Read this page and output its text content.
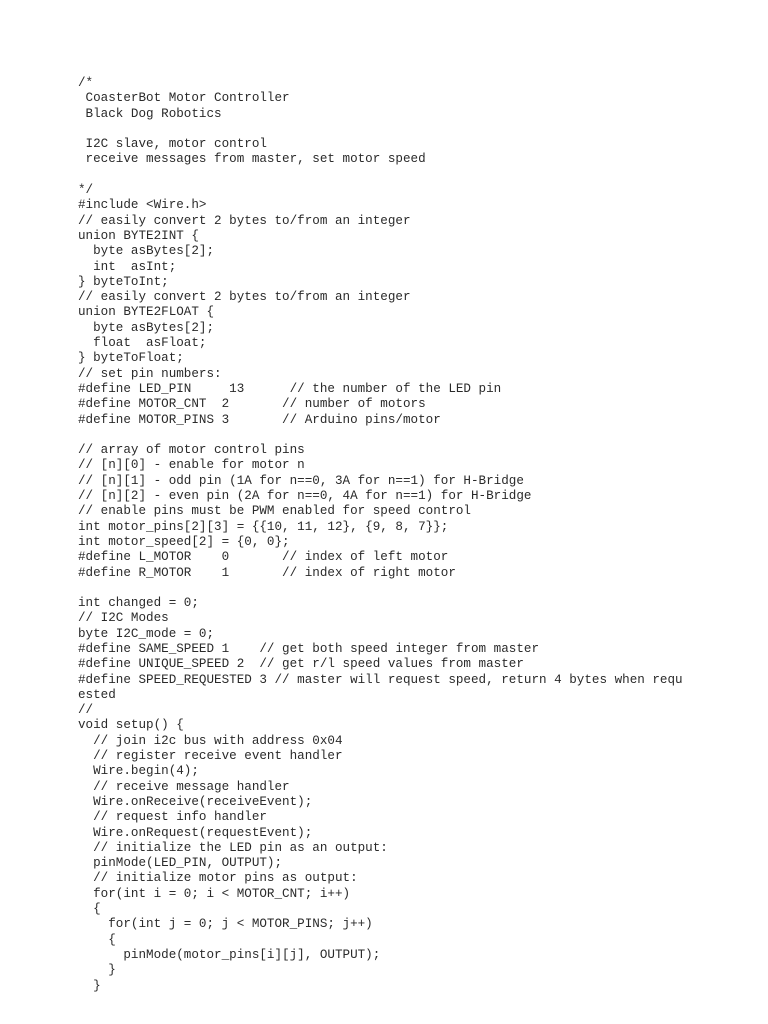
/*
CoasterBot Motor Controller
Black Dog Robotics
I2C slave, motor control
receive messages from master, set motor speed
*/
#include <Wire.h>
// easily convert 2 bytes to/from an integer
union BYTE2INT {
byte asBytes[2];
int  asInt;
} byteToInt;
// easily convert 2 bytes to/from an integer
union BYTE2FLOAT {
byte asBytes[2];
float  asFloat;
} byteToFloat;
// set pin numbers:
#define LED_PIN     13      // the number of the LED pin
#define MOTOR_CNT  2       // number of motors
#define MOTOR_PINS 3       // Arduino pins/motor
// array of motor control pins
// [n][0] - enable for motor n
// [n][1] - odd pin (1A for n==0, 3A for n==1) for H-Bridge
// [n][2] - even pin (2A for n==0, 4A for n==1) for H-Bridge
// enable pins must be PWM enabled for speed control
int motor_pins[2][3] = {{10, 11, 12}, {9, 8, 7}};
int motor_speed[2] = {0, 0};
#define L_MOTOR    0       // index of left motor
#define R_MOTOR    1       // index of right motor
int changed = 0;
// I2C Modes
byte I2C_mode = 0;
#define SAME_SPEED 1    // get both speed integer from master
#define UNIQUE_SPEED 2  // get r/l speed values from master
#define SPEED_REQUESTED 3 // master will request speed, return 4 bytes when requ
ested
//
void setup() {
// join i2c bus with address 0x04
// register receive event handler
Wire.begin(4);
// receive message handler
Wire.onReceive(receiveEvent);
// request info handler
Wire.onRequest(requestEvent);
// initialize the LED pin as an output:
pinMode(LED_PIN, OUTPUT);
// initialize motor pins as output:
for(int i = 0; i < MOTOR_CNT; i++)
{
for(int j = 0; j < MOTOR_PINS; j++)
{
pinMode(motor_pins[i][j], OUTPUT);
}
}
